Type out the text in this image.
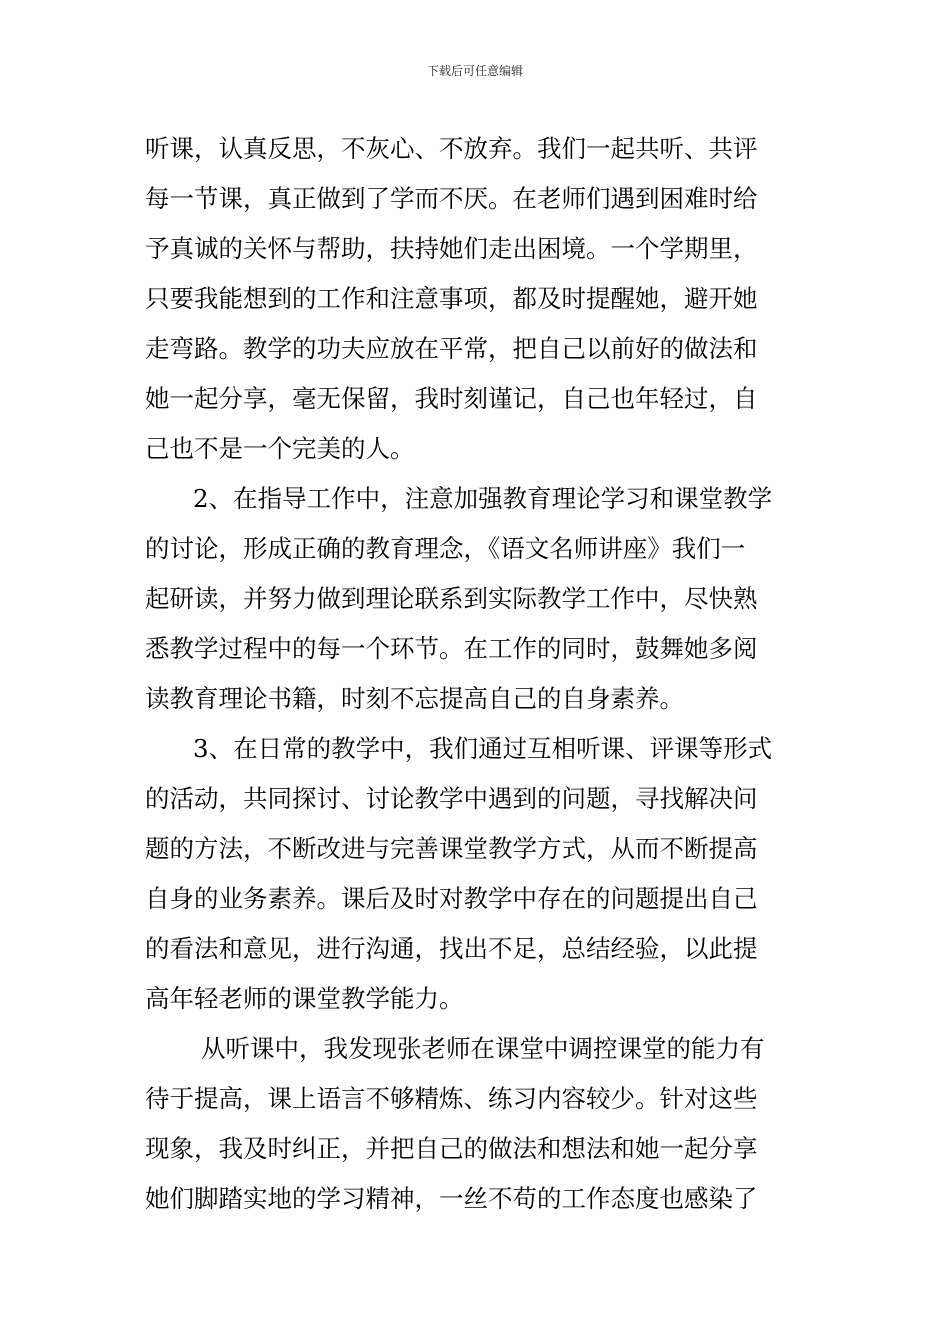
下载后可任意编辑
听课，认真反思，不灰心、不放弃。我们一起共听、共评
每一节课，真正做到了学而不厌。在老师们遇到困难时给
予真诚的关怀与帮助，扶持她们走出困境。一个学期里，
只要我能想到的工作和注意事项，都及时提醒她，避开她
走弯路。教学的功夫应放在平常，把自己以前好的做法和
她一起分享，毫无保留，我时刻谨记，自己也年轻过，自
己也不是一个完美的人。
2、在指导工作中，注意加强教育理论学习和课堂教学
的讨论，形成正确的教育理念，《语文名师讲座》我们一
起研读，并努力做到理论联系到实际教学工作中，尽快熟
悉教学过程中的每一个环节。在工作的同时，鼓舞她多阅
读教育理论书籍，时刻不忘提高自己的自身素养。
3、在日常的教学中，我们通过互相听课、评课等形式
的活动，共同探讨、讨论教学中遇到的问题，寻找解决问
题的方法，不断改进与完善课堂教学方式，从而不断提高
自身的业务素养。课后及时对教学中存在的问题提出自己
的看法和意见，进行沟通，找出不足，总结经验，以此提
高年轻老师的课堂教学能力。
从听课中，我发现张老师在课堂中调控课堂的能力有
待于提高，课上语言不够精炼、练习内容较少。针对这些
现象，我及时纠正，并把自己的做法和想法和她一起分享
她们脚踏实地的学习精神，一丝不苟的工作态度也感染了
